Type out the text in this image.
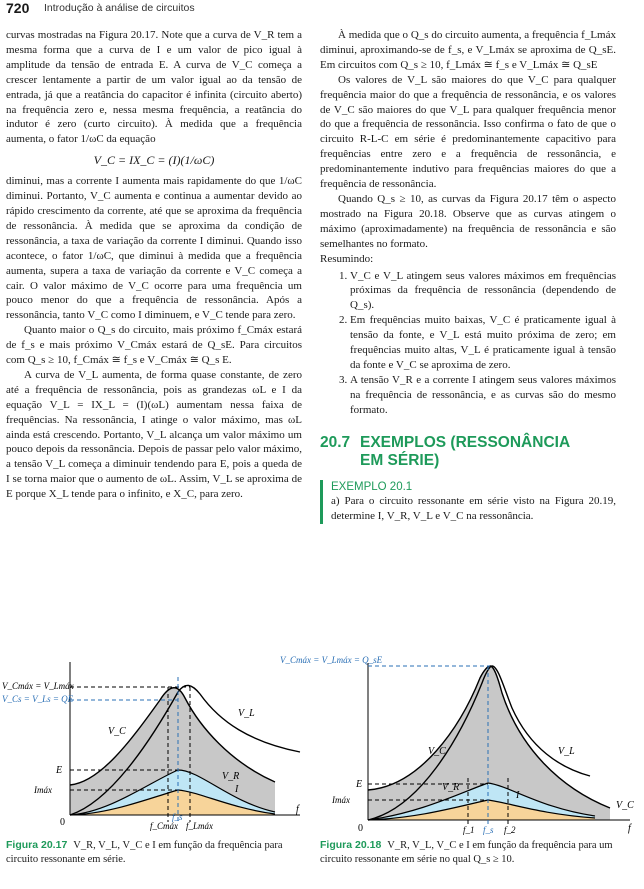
720 Introdução à análise de circuitos

curvas mostradas na Figura 20.17. Note que a curva de V_R tem a mesma forma que a curva de I e um valor de pico igual à amplitude da tensão de entrada E. A curva de V_C começa a crescer lentamente a partir de um valor igual ao da tensão de entrada, já que a reatância do capacitor é infinita (circuito aberto) na frequência zero e, nessa mesma frequência, a reatância do indutor é zero (curto circuito). À medida que a frequência aumenta, o fator 1/ωC da equação

V_C = IX_C = (I)(1/ωC)

diminui, mas a corrente I aumenta mais rapidamente do que 1/ωC diminui. Portanto, V_C aumenta e continua a aumentar devido ao rápido crescimento da corrente, até que se aproxima da frequência de ressonância. À medida que se aproxima da condição de ressonância, a taxa de variação da corrente I diminui. Quando isso acontece, o fator 1/ωC, que diminui à medida que a frequência aumenta, supera a taxa de variação da corrente e V_C começa a cair. O valor máximo de V_C ocorre para uma frequência um pouco menor do que a frequência de ressonância. Após a ressonância, tanto V_C como I diminuem, e V_C tende para zero.

Quanto maior o Q_s do circuito, mais próximo f_Cmáx estará de f_s e mais próximo V_Cmáx estará de Q_sE. Para circuitos com Q_s ≥ 10, f_Cmáx ≅ f_s e V_Cmáx ≅ Q_s E.

A curva de V_L aumenta, de forma quase constante, de zero até a frequência de ressonância, pois as grandezas ωL e I da equação V_L = IX_L = (I)(ωL) aumentam nessa faixa de frequências. Na ressonância, I atinge o valor máximo, mas ωL ainda está crescendo. Portanto, V_L alcança um valor máximo um pouco depois da ressonância. Depois de passar pelo valor máximo, a tensão V_L começa a diminuir tendendo para E, pois a queda de I se torna maior que o aumento de ωL. Assim, V_L se aproxima de E porque X_L tende para o infinito, e X_C, para zero.

À medida que o Q_s do circuito aumenta, a frequência f_Lmáx diminui, aproximando-se de f_s, e V_Lmáx se aproxima de Q_sE. Em circuitos com Q_s ≥ 10, f_Lmáx ≅ f_s e V_Lmáx ≅ Q_sE

Os valores de V_L são maiores do que V_C para qualquer frequência maior do que a frequência de ressonância, e os valores de V_C são maiores do que V_L para qualquer frequência menor do que a frequência de ressonância. Isso confirma o fato de que o circuito R-L-C em série é predominantemente capacitivo para frequências entre zero e a frequência de ressonância, e predominantemente indutivo para frequências maiores do que a frequência de ressonância.

Quando Q_s ≥ 10, as curvas da Figura 20.17 têm o aspecto mostrado na Figura 20.18. Observe que as curvas atingem o máximo (aproximadamente) na frequência de ressonância e são semelhantes no formato.

Resumindo:

1. V_C e V_L atingem seus valores máximos em frequências próximas da frequência de ressonância (dependendo de Q_s).
2. Em frequências muito baixas, V_C é praticamente igual à tensão da fonte, e V_L está muito próxima de zero; em frequências muito altas, V_L é praticamente igual à tensão da fonte e V_C se aproxima de zero.
3. A tensão V_R e a corrente I atingem seus valores máximos na frequência de ressonância, e as curvas são do mesmo formato.
20.7 EXEMPLOS (RESSONÂNCIA
EM SÉRIE)
EXEMPLO 20.1

a) Para o circuito ressonante em série visto na Figura 20.19, determine I, V_R, V_L e V_C na ressonância.

V_Cmáx = V_Lmáx
V_Cs = V_Ls = QE
E
Imáx
0
V_C
V_L
V_R
I
f_Cmáx
f_s
f_Lmáx
f
Figura 20.17 V_R, V_L, V_C e I em função da frequência para circuito ressonante em série.
V_Cmáx = V_Lmáx = Q_sE
E
Imáx
0
V_C	V_L
V_R
I
V_C
f_1 f_s f_2	f
Figura 20.18 V_R, V_L, V_C e I em função da frequência para um circuito ressonante em série no qual Q_s ≥ 10.
